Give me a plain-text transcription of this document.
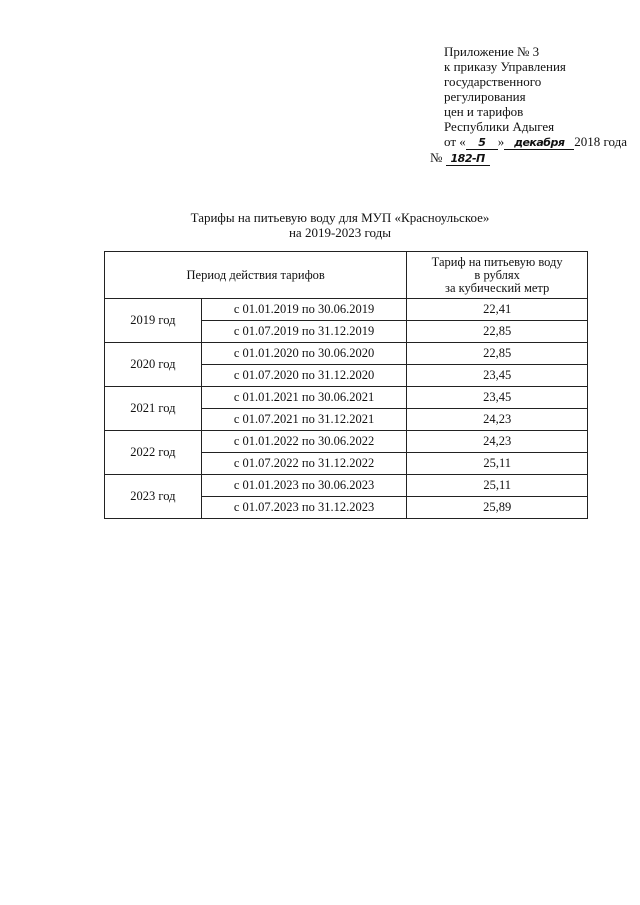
Приложение № 3
к приказу Управления
государственного
регулирования
цен и тарифов
Республики Адыгея
от « 5 » декабря 2018 года
№ 182-П
Тарифы на питьевую воду для МУП «Красноульское»
на 2019-2023 годы
Период действия тарифов		Тариф на питьевую воду
в рублях
за кубический метр

2019 год	с 01.01.2019 по 30.06.2019	22,41
	с 01.07.2019 по 31.12.2019	22,85
2020 год	с 01.01.2020 по 30.06.2020	22,85
	с 01.07.2020 по 31.12.2020	23,45
2021 год	с 01.01.2021 по 30.06.2021	23,45
	с 01.07.2021 по 31.12.2021	24,23
2022 год	с 01.01.2022 по 30.06.2022	24,23
	с 01.07.2022 по 31.12.2022	25,11
2023 год	с 01.01.2023 по 30.06.2023	25,11
	с 01.07.2023 по 31.12.2023	25,89
